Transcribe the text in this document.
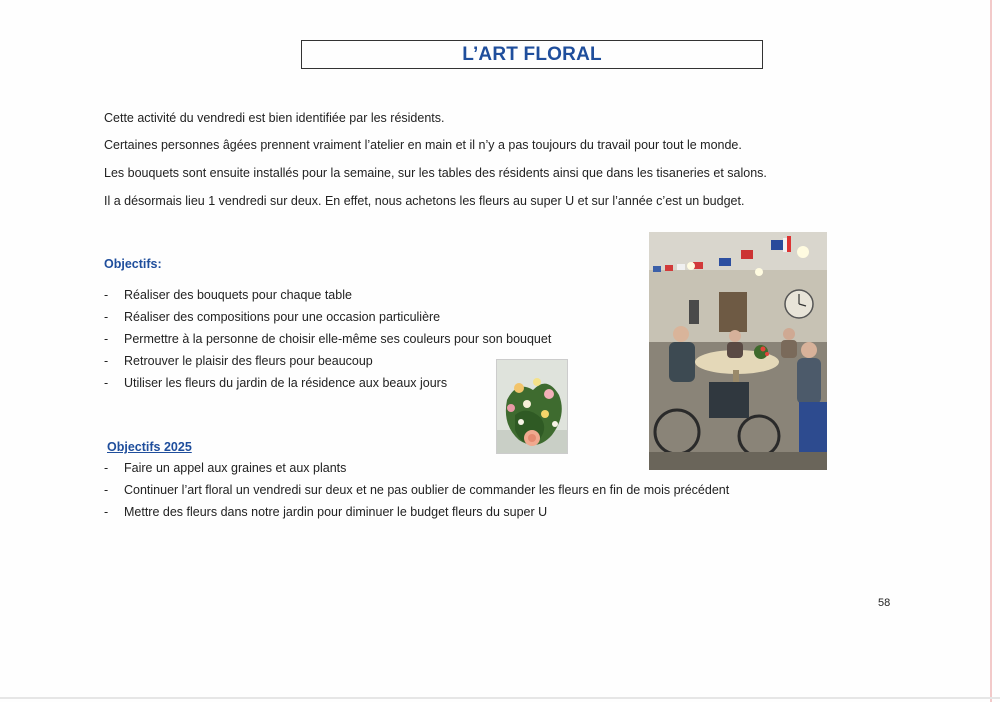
L’ART FLORAL
Cette activité du vendredi est bien identifiée par les résidents.
Certaines personnes âgées prennent vraiment l’atelier en main et il n’y a pas toujours du travail pour tout le monde.
Les bouquets sont ensuite installés pour la semaine, sur les tables des résidents ainsi que dans les tisaneries et salons.
Il a désormais lieu 1 vendredi sur deux. En effet, nous achetons les fleurs au super U et sur l’année c’est un budget.
Objectifs:
- Réaliser des bouquets pour chaque table
- Réaliser des compositions pour une occasion particulière
- Permettre à la personne de choisir elle-même ses couleurs pour son bouquet
- Retrouver le plaisir des fleurs pour beaucoup
- Utiliser les fleurs du jardin de la résidence aux beaux jours
Objectifs 2025
- Faire un appel aux graines et aux plants
- Continuer l’art floral un vendredi sur deux et ne pas oublier de commander les fleurs en fin de mois précédent
- Mettre des fleurs dans notre jardin pour diminuer le budget fleurs du super U
58
